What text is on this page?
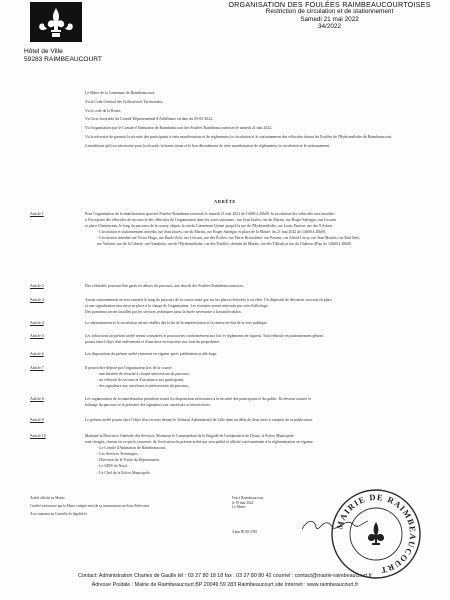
Hôtel de Ville
59283 RAIMBEAUCOURT
ORGANISATION DES FOULÉES RAIMBEAUCOURTOISES
Restriction de circulation et de stationnement
Samedi 21 mai 2022
34/2022

Le Maire de la Commune de Raimbeaucourt,

Vu le Code Général des Collectivités Territoriales,

Vu le code de la Route,

Vu l'avis favorable du Comité Départemental d'Athlétisme en date du 05-05-2022,

Vu l'organisation par le Comité d'Animation de Raimbeaucourt des Foulées Raimbeaucourtoises le samedi 21 mai 2022,

Vu la nécessité de garantir la sécurité des participants à cette manifestation et de réglementer la circulation et le stationnement des véhicules durant les Foulées de l'Hydromélodie de Raimbeaucourt,

Considérant qu'il est nécessaire pour la sécurité, la bonne tenue et le bon déroulement de cette manifestation de réglementer la circulation et le stationnement,

ARRÊTE
Article 1	Pour l'organisation de la manifestation sportive Foulées Raimbeaucourtoises le samedi 21 mai 2022 de 14h00 à 20h00, la circulation des véhicules sera interdite

à l'exception des véhicules de secours et des véhicules de l'organisation dans les voies suivantes : rue Jean Jaurès, rue du Marais, rue Roger Salengro, rue Lescaut

et place Clemenceau, le long du parcours de la course, depuis la rue du Lieutenant Quinet jusqu'à la rue de l'Hydromélodie, rue Louis Pasteur, rue des 9 Arbres.

- Circulation et stationnement interdits rue Jean Jaurès, rue du Marais, rue Roger Salengro et place de la Mairie, du 21 mai 2022 de 14h00 à 20h00.

- Circulation interdite rue Victor Hugo, rue Émile Zola, rue Lescaut, rue des Écoles, rue Pierre Brossolette, rue Pasteur, rue Alfred Leroy, rue Jean Moulin, rue Paul Bert,

rue Voltaire, rue de la Liberté, rue Gambetta, rue de l'Hydromélodie, rue des Fusillés, chemin du Marais, rue des Tilleuls et rue du Château d'Eau de 14h00 à 20h00.

Article 2	Des véhicules pourront être garés en dehors du parcours, aux abords des Foulées Raimbeaucourtoises.

Article 3	Aucun stationnement ne sera autorisé le long du parcours de la course ainsi que sur les places réservées à cet effet. Un dispositif de déviation sera mis en place

et une signalisation sera mise en place à la charge de l'organisateur. Les riverains seront informés par voie d'affichage.

Des panneaux seront installés par les services techniques pour la durée nécessaire à la manifestation.

Article 4	Le stationnement et la circulation seront rétablis dès la fin de la manifestation et la remise en état de la voie publique.

Article 5	Les infractions au présent arrêté seront constatées et poursuivies conformément aux lois et règlements en vigueur. Tout véhicule en stationnement gênant

pourra faire l'objet d'un enlèvement et d'une mise en fourrière aux frais du propriétaire.

Article 6	Les dispositions du présent arrêté entreront en vigueur après publication et affichage.

Article 7	Il pourra être déposé par l'organisateur lors de la course :

- une barrière de sécurité à chaque intersection du parcours,

- un véhicule de secours et d'assistance aux participants,

- des signaleurs aux carrefours et intersections du parcours,

Article 8	Les organisateurs de la manifestation prendront toutes les dispositions nécessaires à la sécurité des participants et du public. Ils devront assurer le

balisage du parcours et la présence des signaleurs aux carrefours et intersections.

Article 9	Le présent arrêté pourra faire l'objet d'un recours devant le Tribunal Administratif de Lille dans un délai de deux mois à compter de sa publication.

Article 10	Madame la Directrice Générale des Services, Monsieur le Commandant de la Brigade de Gendarmerie de Douai, la Police Municipale

sont chargés, chacun en ce qui le concerne, de l'exécution du présent arrêté qui sera publié et affiché conformément à la réglementation en vigueur.

- Le Comité d'Animation de Raimbeaucourt,

- Les Services Techniques,

- Direction de la Voirie du Département,

- Le SDIS du Nord,

- Le Chef de la Police Municipale.

Arrêté affiché en Mairie

Certifié exécutoire par le Maire compte tenu de sa transmission en Sous-Préfecture

Acte transmis au Contrôle de légalité le

Fait à Raimbeaucourt,
le 19 mai 2022
Le Maire,
Alain BONCOM
MAIRIE DE RAIMBEAUCOURT
Contact: Administration Charles de Gaulle tél : 03 27 80 18 18 fax : 03 27 80 80 42 courriel : contact@mairie-raimbeaucourt.fr
Adresse Postale : Mairie de Raimbeaucourt BP 20049 59 283 Raimbeaucourt site Internet : www.raimbeaucourt.fr
